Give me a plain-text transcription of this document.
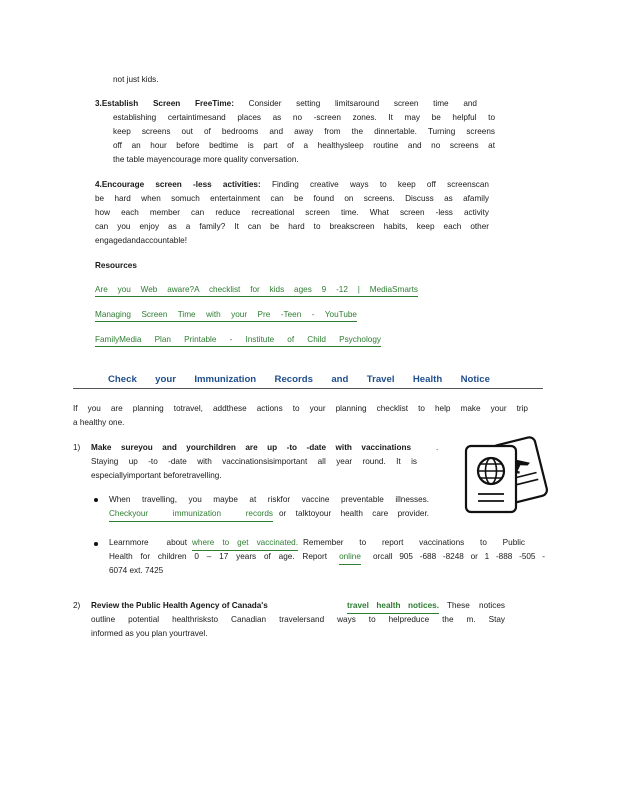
not just kids.
3.Establish Screen FreeTime: Consider setting limitsaround screen time and
establishing certaintimesand places as no -screen zones. It may be helpful to
keep screens out of bedrooms and away from the dinnertable. Turning screens
off an hour before bedtime is part of a healthysleep routine and no screens at
the table mayencourage more quality conversation.
4.Encourage screen -less activities: Finding creative ways to keep off screenscan
be hard when somuch entertainment can be found on screens. Discuss as afamily
how each member can reduce recreational screen time. What screen -less activity
can you enjoy as a family? It can be hard to breakscreen habits, keep each other
engagedandaccountable!
Resources
Are you Web aware?A checklist for kids ages 9 -12 | MediaSmarts
Managing Screen Time with your Pre -Teen - YouTube
FamilyMedia Plan Printable - Institute of Child Psychology
Check your Immunization Records and Travel Health Notice
If you are planning totravel, addthese actions to your planning checklist to help make your trip
a healthy one.
1) Make sureyou and yourchildren are up -to -date with vaccinations	.
Staying up -to -date with vaccinationsisimportant all year round. It is
especiallyimportant beforetravelling.
When travelling, you maybe at riskfor vaccine preventable illnesses.
Checkyour immunization records or talktoyour health care provider.
Learnmore about where to get vaccinated. Remember to report vaccinations to Public
Health for children 0 – 17 years of age. Report online orcall 905 -688 -8248 or 1 -888 -505 -
6074 ext. 7425
2) Review the Public Health Agency of Canada's	travel health notices. These notices
outline potential healthrisksto Canadian travelersand ways to helpreduce the m. Stay
informed as you plan yourtravel.
